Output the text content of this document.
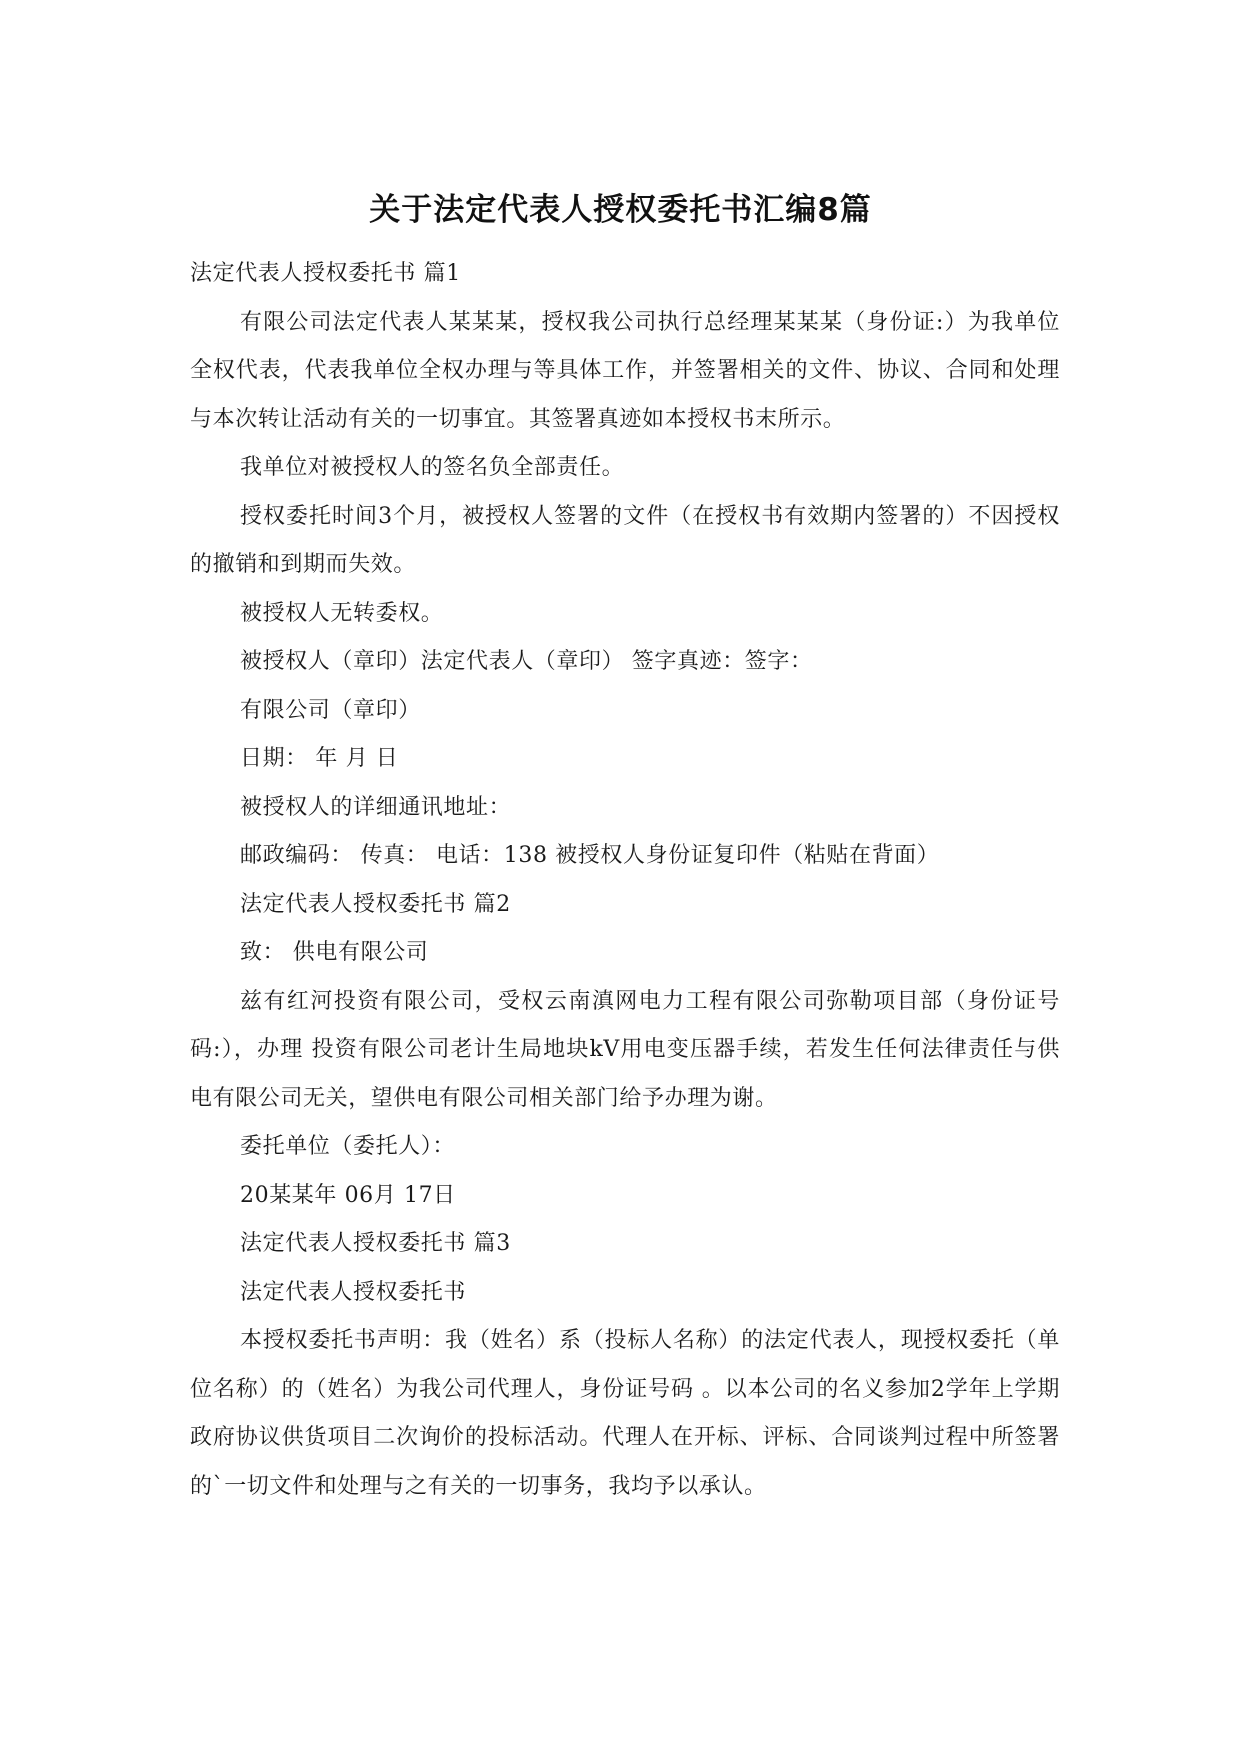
关于法定代表人授权委托书汇编8篇

法定代表人授权委托书 篇1

有限公司法定代表人某某某，授权我公司执行总经理某某某（身份证:）为我单位全权代表，代表我单位全权办理与等具体工作，并签署相关的文件、协议、合同和处理与本次转让活动有关的一切事宜。其签署真迹如本授权书末所示。

我单位对被授权人的签名负全部责任。

授权委托时间3个月，被授权人签署的文件（在授权书有效期内签署的）不因授权的撤销和到期而失效。

被授权人无转委权。

被授权人（章印）法定代表人（章印） 签字真迹：签字：

有限公司（章印）

日期： 年 月 日

被授权人的详细通讯地址：

邮政编码： 传真： 电话：138 被授权人身份证复印件（粘贴在背面）

法定代表人授权委托书 篇2

致： 供电有限公司

兹有红河投资有限公司，受权云南滇网电力工程有限公司弥勒项目部（身份证号码:），办理 投资有限公司老计生局地块kV用电变压器手续，若发生任何法律责任与供电有限公司无关，望供电有限公司相关部门给予办理为谢。

委托单位（委托人）：

20某某年 06月 17日

法定代表人授权委托书 篇3

法定代表人授权委托书

本授权委托书声明：我（姓名）系（投标人名称）的法定代表人，现授权委托（单位名称）的（姓名）为我公司代理人，身份证号码 。以本公司的名义参加2学年上学期政府协议供货项目二次询价的投标活动。代理人在开标、评标、合同谈判过程中所签署的`一切文件和处理与之有关的一切事务，我均予以承认。
